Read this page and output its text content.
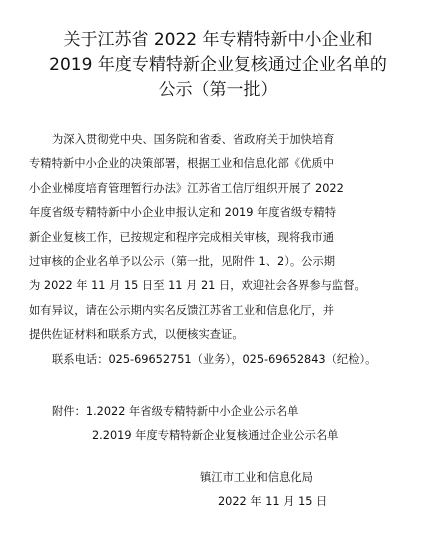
关于江苏省 2022 年专精特新中小企业和
2019 年度专精特新企业复核通过企业名单的
公示（第一批）
为深入贯彻党中央、国务院和省委、省政府关于加快培育
专精特新中小企业的决策部署，根据工业和信息化部《优质中
小企业梯度培育管理暂行办法》江苏省工信厅组织开展了 2022
年度省级专精特新中小企业申报认定和 2019 年度省级专精特
新企业复核工作，已按规定和程序完成相关审核，现将我市通
过审核的企业名单予以公示（第一批，见附件 1、2）。公示期
为 2022 年 11 月 15 日至 11 月 21 日，欢迎社会各界参与监督。
如有异议，请在公示期内实名反馈江苏省工业和信息化厅，并
提供佐证材料和联系方式，以便核实查证。
联系电话：025-69652751（业务），025-69652843（纪检）。
附件：1.2022 年省级专精特新中小企业公示名单
2.2019 年度专精特新企业复核通过企业公示名单
镇江市工业和信息化局
2022 年 11 月 15 日
